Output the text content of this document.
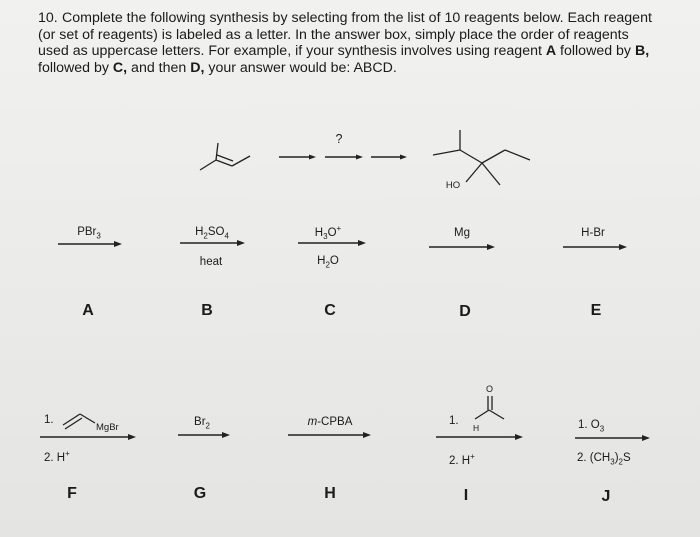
10. Complete the following synthesis by selecting from the list of 10 reagents below. Each reagent (or set of reagents) is labeled as a letter. In the answer box, simply place the order of reagents used as uppercase letters. For example, if your synthesis involves using reagent A followed by B, followed by C, and then D, your answer would be: ABCD.

?
HO
PBr$_3$
A
$H_2SO_4$
heat
B
$H_3O^+$
$H_2O$
C
Mg
D
H-Br
E
1.
MgBr
2. H+
F
$Br_2$
G
m-CPBA
H
1.
H
O
2. H+
I
1. $O_3$
2. $(CH_3)_2S$
J
